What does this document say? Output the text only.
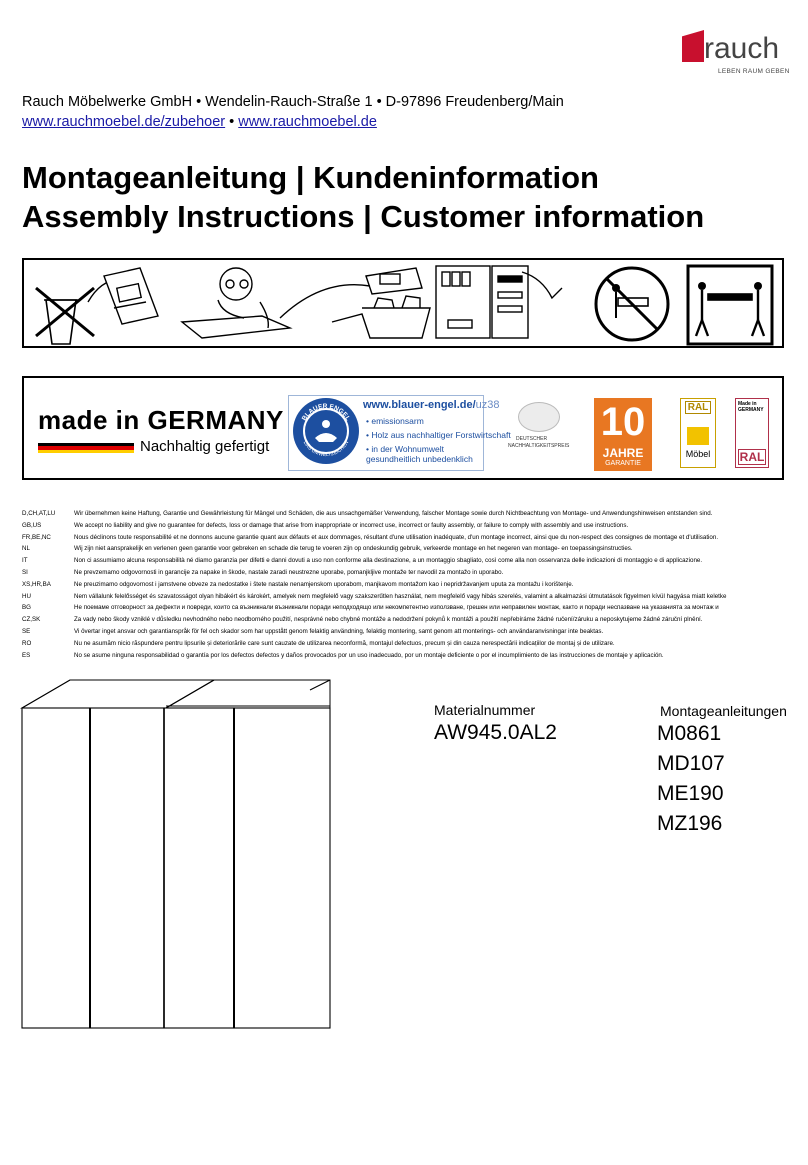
rauch
LEBEN RAUM GEBEN
Rauch Möbelwerke GmbH • Wendelin-Rauch-Straße 1 • D-97896 Freudenberg/Main
www.rauchmoebel.de/zubehoer • www.rauchmoebel.de
Montageanleitung | Kundeninformation
Assembly Instructions | Customer information
made in GERMANY
Nachhaltig gefertigt
BLAUER ENGEL
DAS UMWELTZEICHEN
www.blauer-engel.de/uz38
• emissionsarm
• Holz aus nachhaltiger Forstwirtschaft
• in der Wohnumwelt gesundheitlich unbedenklich
DEUTSCHER
NACHHALTIGKEITSPREIS
10
JAHRE
GARANTIE
RAL
Möbel
Made in
GERMANY
RAL
D,CH,AT,LU	Wir übernehmen keine Haftung, Garantie und Gewährleistung für Mängel und Schäden, die aus unsachgemäßer Verwendung, falscher Montage sowie durch Nichtbeachtung von Montage- und Anwendungshinweisen entstanden sind.
GB,US	We accept no liability and give no guarantee for defects, loss or damage that arise from inappropriate or incorrect use, incorrect or faulty assembly, or failure to comply with assembly and use instructions.
FR,BE,NC	Nous déclinons toute responsabilité et ne donnons aucune garantie quant aux défauts et aux dommages, résultant d'une utilisation inadéquate, d'un montage incorrect, ainsi que du non-respect des consignes de montage et d'utilisation.
NL	Wij zijn niet aansprakelijk en verlenen geen garantie voor gebreken en schade die terug te voeren zijn op ondeskundig gebruik, verkeerde montage en het negeren van montage- en toepassingsinstructies.
IT	Non ci assumiamo alcuna responsabilità né diamo garanzia per difetti e danni dovuti a uso non conforme alla destinazione, a un montaggio sbagliato, così come alla non osservanza delle indicazioni di montaggio e di applicazione.
SI	Ne prevzemamo odgovornosti in garancije za napake in škode, nastale zaradi neustrezne uporabe, pomanjkljive montaže ter navodil za montažo in uporabo.
XS,HR,BA	Ne preuzimamo odgovornost i jamstvene obveze za nedostatke i štete nastale nenamjenskom uporabom, manjkavom montažom kao i nepridržavanjem uputa za montažu i korištenje.
HU	Nem vállalunk felelősséget és szavatosságot olyan hibákért és károkért, amelyek nem megfelelő vagy szakszerűtlen használat, nem megfelelő vagy hibás szerelés, valamint a alkalmazási útmutatások figyelmen kívül hagyása miatt keletke
BG	Не поемаме отговорност за дефекти и повреди, които са възникнали възникнали поради неподходящо или некомпетентно използване, грешен или неправилен монтаж, както и поради неспазване на указанията за монтаж и
CZ,SK	Za vady nebo škody vzniklé v důsledku nevhodného nebo neodborného použití, nesprávné nebo chybné montáže a nedodržení pokynů k montáži a použití nepřebíráme žádné ručení/záruku a neposkytujeme žádné záruční plnění.
SE	Vi övertar inget ansvar och garantianspråk för fel och skador som har uppstått genom felaktig användning, felaktig montering, samt genom att monterings- och användaranvisningar inte beaktas.
RO	Nu ne asumăm nicio răspundere pentru lipsurile și deteriorările care sunt cauzate de utilizarea neconformă, montajul defectuos, precum și din cauza nerespectării indicațiilor de montaj și de utilizare.
ES	No se asume ninguna responsabilidad o garantía por los defectos defectos y daños provocados por un uso inadecuado, por un montaje deficiente o por el incumplimiento de las instrucciones de montaje y aplicación.
Materialnummer
AW945.0AL2
Montageanleitungen
M0861
MD107
ME190
MZ196
